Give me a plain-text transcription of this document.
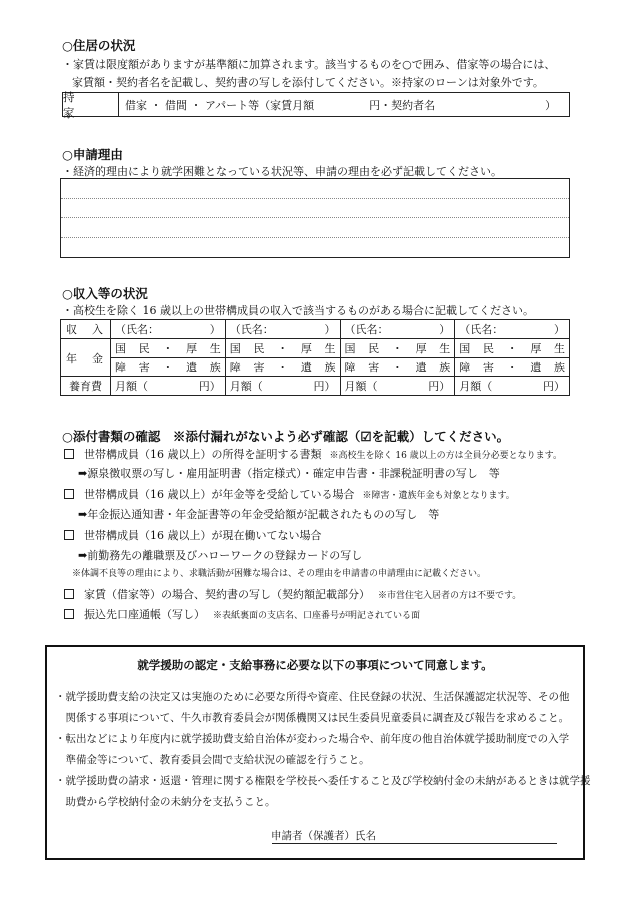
○住居の状況
・家賃は限度額がありますが基準額に加算されます。該当するものを○で囲み、借家等の場合には、
家賃額・契約者名を記載し、契約書の写しを添付してください。※持家のローンは対象外です。
持　家
借家 ・ 借間 ・ アパート等（家賃月額　　　　　円・契約者名　　　　　　　　　　）
○申請理由
・経済的理由により就学困難となっている状況等、申請の理由を必ず記載してください。
○収入等の状況
・高校生を除く 16 歳以上の世帯構成員の収入で該当するものがある場合に記載してください。
収　入	（氏名： ）	（氏名： ）	（氏名： ）	（氏名： ）

年　金	国 民 ・ 厚 生	国 民 ・ 厚 生	国 民 ・ 厚 生	国 民 ・ 厚 生

	障 害 ・ 遺 族	障 害 ・ 遺 族	障 害 ・ 遺 族	障 害 ・ 遺 族

養育費	月額（ 円）	月額（ 円）	月額（ 円）	月額（ 円）
○添付書類の確認　※添付漏れがないよう必ず確認（☑を記載）してください。
世帯構成員（16 歳以上）の所得を証明する書類 ※高校生を除く 16 歳以上の方は全員分必要となります。
➡源泉徴収票の写し・雇用証明書（指定様式）・確定申告書・非課税証明書の写し　等
世帯構成員（16 歳以上）が年金等を受給している場合 ※障害・遺族年金も対象となります。
➡年金振込通知書・年金証書等の年金受給額が記載されたものの写し　等
世帯構成員（16 歳以上）が現在働いてない場合
➡前勤務先の離職票及びハローワークの登録カードの写し
※体調不良等の理由により、求職活動が困難な場合は、その理由を申請書の申請理由に記載ください。
家賃（借家等）の場合、契約書の写し（契約額記載部分） ※市営住宅入居者の方は不要です。
振込先口座通帳（写し） ※表紙裏面の支店名、口座番号が明記されている面
就学援助の認定・支給事務に必要な以下の事項について同意します。
・就学援助費支給の決定又は実施のために必要な所得や資産、住民登録の状況、生活保護認定状況等、その他
　関係する事項について、牛久市教育委員会が関係機関又は民生委員児童委員に調査及び報告を求めること。
・転出などにより年度内に就学援助費支給自治体が変わった場合や、前年度の他自治体就学援助制度での入学
　準備金等について、教育委員会間で支給状況の確認を行うこと。
・就学援助費の請求・返還・管理に関する権限を学校長へ委任すること及び学校納付金の未納があるときは就学援
　助費から学校納付金の未納分を支払うこと。
申請者（保護者）氏名
